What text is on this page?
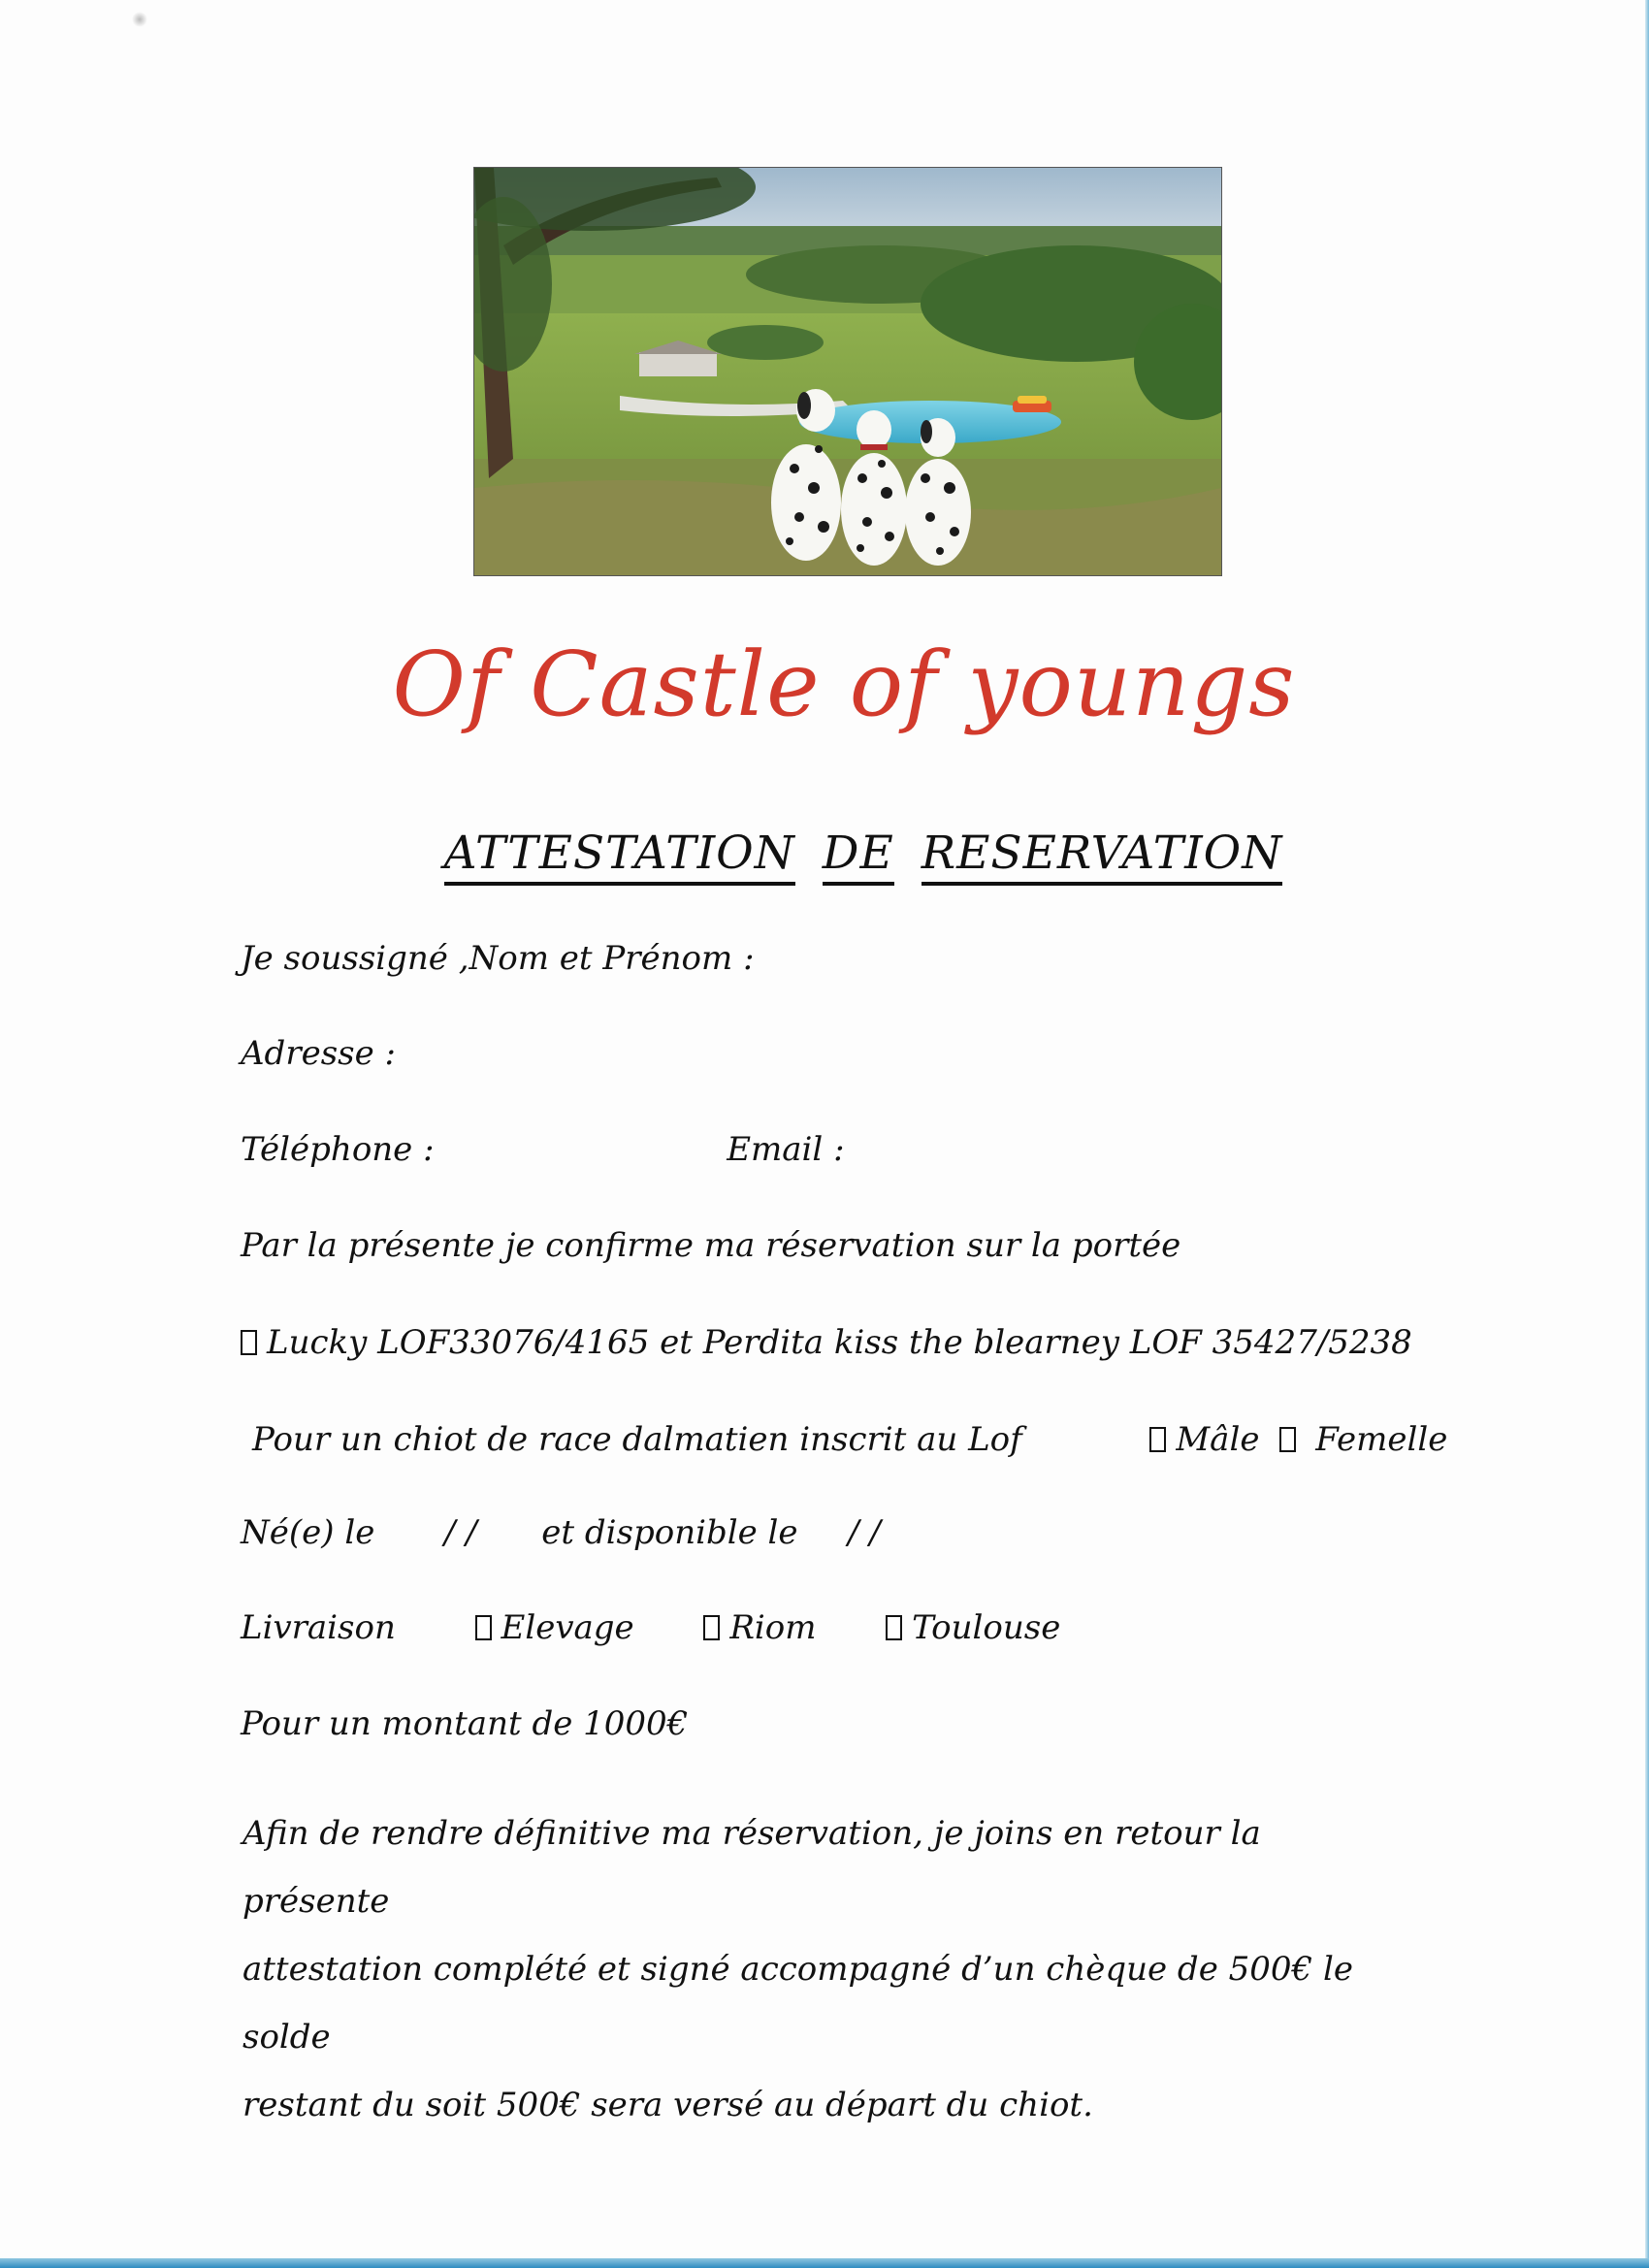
Of Castle of youngs
ATTESTATION DE RESERVATION
Je soussigné ,Nom et Prénom :
Adresse :
Téléphone :	Email :
Par la présente je confirme ma réservation sur la portée
Lucky LOF33076/4165 et Perdita kiss the blearney LOF 35427/5238
Pour un chiot de race dalmatien inscrit au Lof	Mâle Femelle
Né(e) le / / et disponible le / /
Livraison	Elevage	Riom	Toulouse
Pour un montant de 1000€
Afin de rendre définitive ma réservation, je joins en retour la présente
attestation complété et signé accompagné d’un chèque de 500€ le solde
restant du soit 500€ sera versé au départ du chiot.
